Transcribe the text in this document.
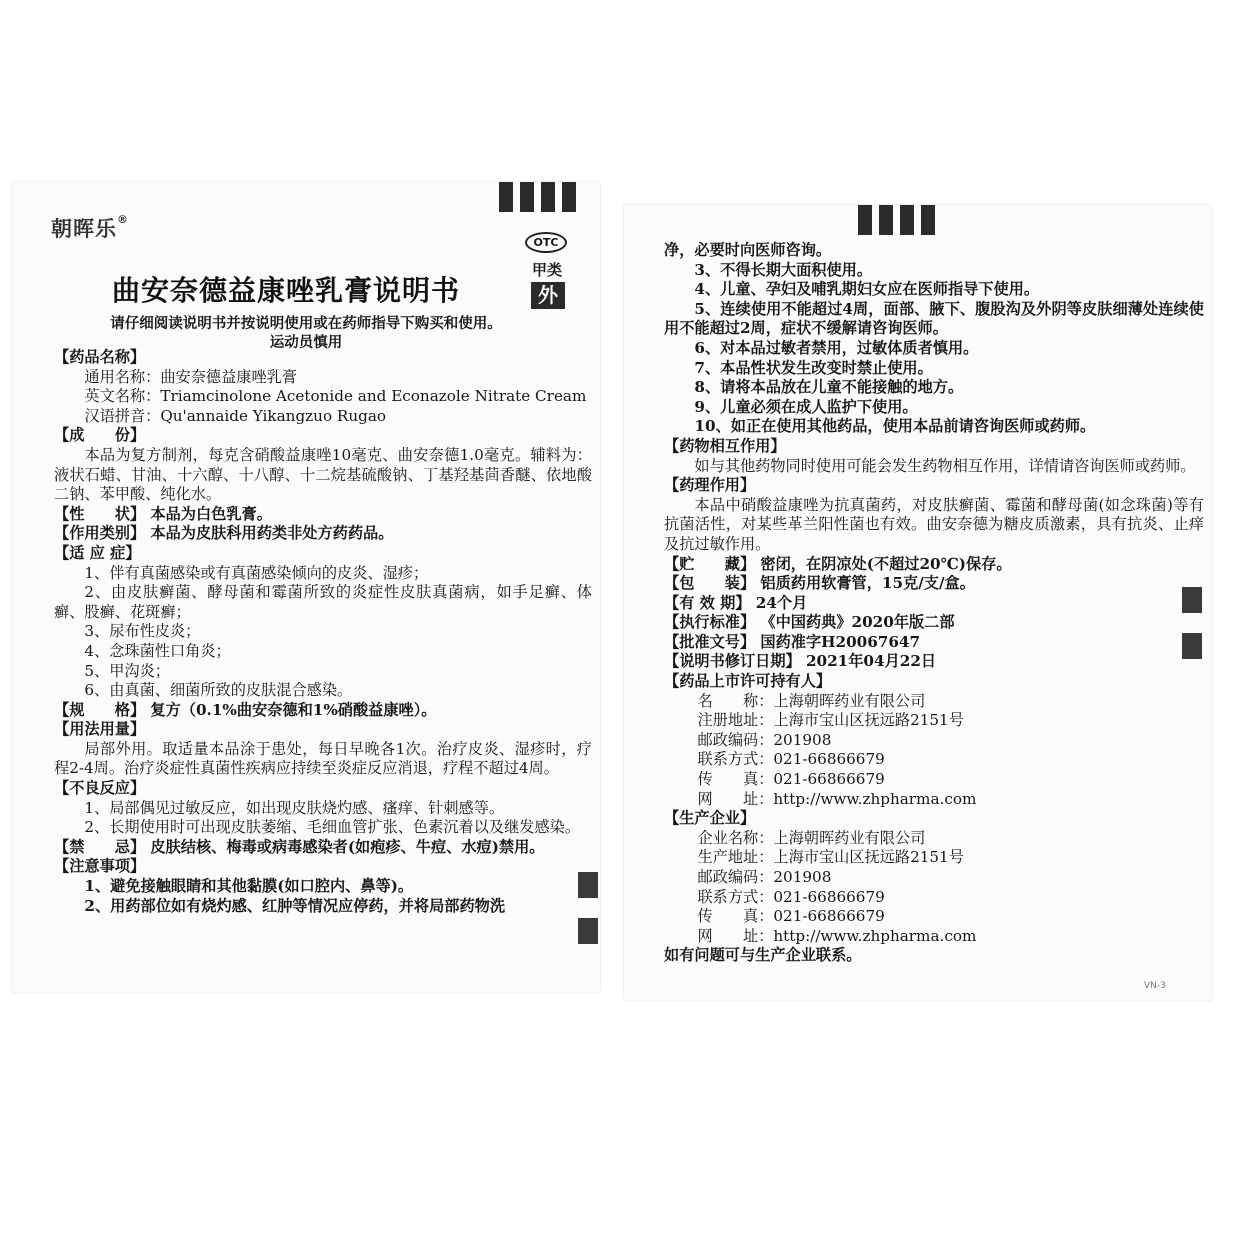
朝晖乐®
OTC
甲类
外
曲安奈德益康唑乳膏说明书
请仔细阅读说明书并按说明使用或在药师指导下购买和使用。
运动员慎用
【药品名称】
通用名称：曲安奈德益康唑乳膏
英文名称：Triamcinolone Acetonide and Econazole Nitrate Cream
汉语拼音：Qu'annaide Yikangzuo Rugao
【成　　份】
本品为复方制剂，每克含硝酸益康唑10毫克、曲安奈德1.0毫克。辅料为：液状石蜡、甘油、十六醇、十八醇、十二烷基硫酸钠、丁基羟基茴香醚、依地酸二钠、苯甲酸、纯化水。
【性　　状】 本品为白色乳膏。
【作用类别】 本品为皮肤科用药类非处方药药品。
【适 应 症】
1、伴有真菌感染或有真菌感染倾向的皮炎、湿疹；
2、由皮肤癣菌、酵母菌和霉菌所致的炎症性皮肤真菌病，如手足癣、体癣、股癣、花斑癣；
3、尿布性皮炎；
4、念珠菌性口角炎；
5、甲沟炎；
6、由真菌、细菌所致的皮肤混合感染。
【规　　格】 复方（0.1%曲安奈德和1%硝酸益康唑）。
【用法用量】
局部外用。取适量本品涂于患处，每日早晚各1次。治疗皮炎、湿疹时，疗程2-4周。治疗炎症性真菌性疾病应持续至炎症反应消退，疗程不超过4周。
【不良反应】
1、局部偶见过敏反应，如出现皮肤烧灼感、瘙痒、针刺感等。
2、长期使用时可出现皮肤萎缩、毛细血管扩张、色素沉着以及继发感染。
【禁　　忌】 皮肤结核、梅毒或病毒感染者(如疱疹、牛痘、水痘)禁用。
【注意事项】
1、避免接触眼睛和其他黏膜(如口腔内、鼻等)。
2、用药部位如有烧灼感、红肿等情况应停药，并将局部药物洗
净，必要时向医师咨询。
3、不得长期大面积使用。
4、儿童、孕妇及哺乳期妇女应在医师指导下使用。
5、连续使用不能超过4周，面部、腋下、腹股沟及外阴等皮肤细薄处连续使用不能超过2周，症状不缓解请咨询医师。
6、对本品过敏者禁用，过敏体质者慎用。
7、本品性状发生改变时禁止使用。
8、请将本品放在儿童不能接触的地方。
9、儿童必须在成人监护下使用。
10、如正在使用其他药品，使用本品前请咨询医师或药师。
【药物相互作用】
如与其他药物同时使用可能会发生药物相互作用，详情请咨询医师或药师。
【药理作用】
本品中硝酸益康唑为抗真菌药，对皮肤癣菌、霉菌和酵母菌(如念珠菌)等有抗菌活性，对某些革兰阳性菌也有效。曲安奈德为糖皮质激素，具有抗炎、止痒及抗过敏作用。
【贮　　藏】 密闭，在阴凉处(不超过20℃)保存。
【包　　装】 铝质药用软膏管，15克/支/盒。
【有 效 期】 24个月
【执行标准】 《中国药典》2020年版二部
【批准文号】 国药准字H20067647
【说明书修订日期】 2021年04月22日
【药品上市许可持有人】
名　　称：上海朝晖药业有限公司
注册地址：上海市宝山区抚远路2151号
邮政编码：201908
联系方式：021-66866679
传　　真：021-66866679
网　　址：http://www.zhpharma.com
【生产企业】
企业名称：上海朝晖药业有限公司
生产地址：上海市宝山区抚远路2151号
邮政编码：201908
联系方式：021-66866679
传　　真：021-66866679
网　　址：http://www.zhpharma.com
如有问题可与生产企业联系。
VN-3
